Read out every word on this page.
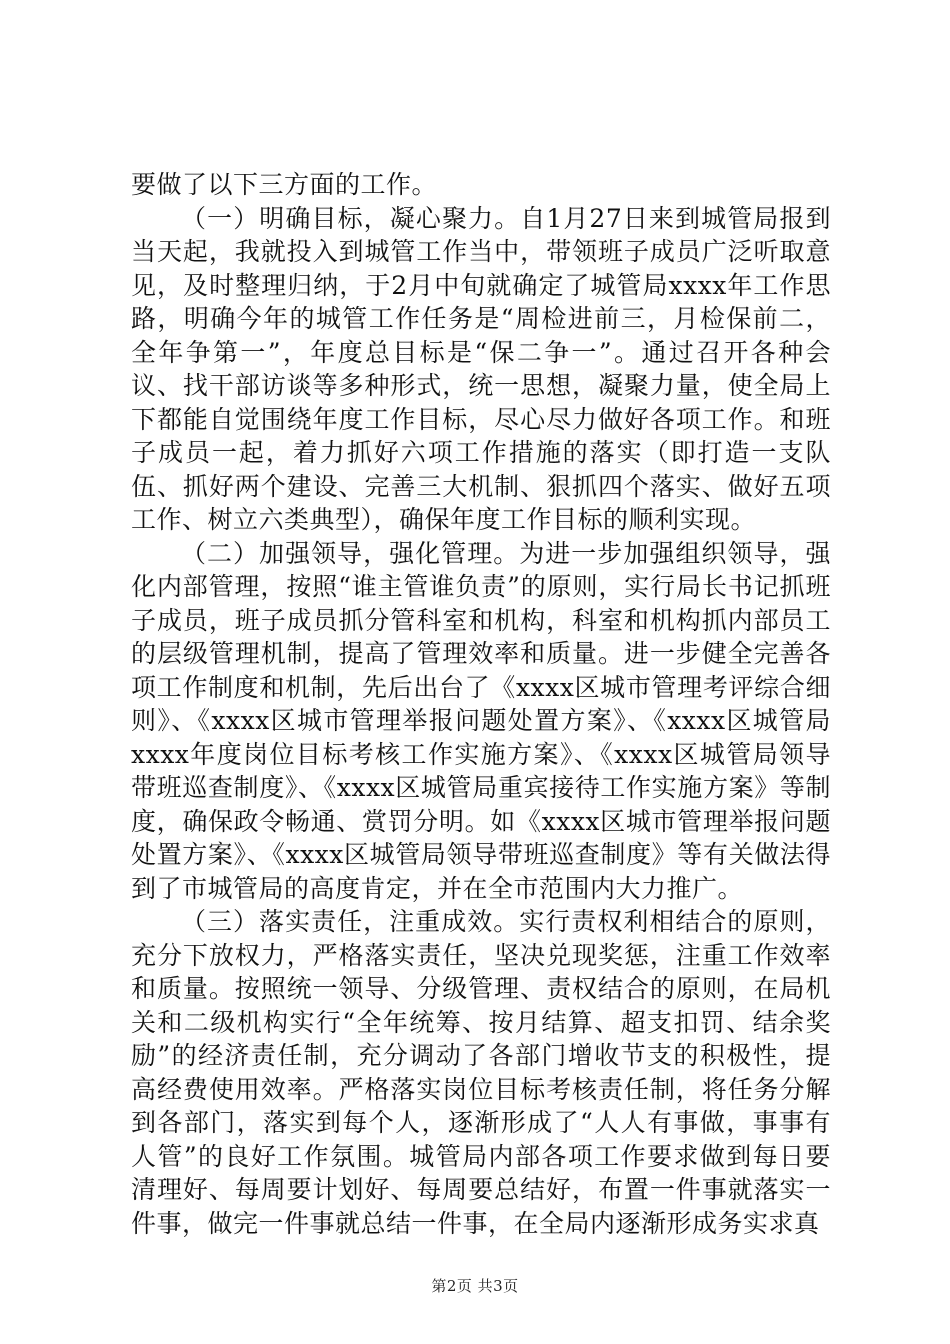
要做了以下三方面的工作。

（一）明确目标，凝心聚力。自1月27日来到城管局报到当天起，我就投入到城管工作当中，带领班子成员广泛听取意见，及时整理归纳，于2月中旬就确定了城管局xxxx年工作思路，明确今年的城管工作任务是“周检进前三，月检保前二，全年争第一”，年度总目标是“保二争一”。通过召开各种会议、找干部访谈等多种形式，统一思想，凝聚力量，使全局上下都能自觉围绕年度工作目标，尽心尽力做好各项工作。和班子成员一起，着力抓好六项工作措施的落实（即打造一支队伍、抓好两个建设、完善三大机制、狠抓四个落实、做好五项工作、树立六类典型），确保年度工作目标的顺利实现。

（二）加强领导，强化管理。为进一步加强组织领导，强化内部管理，按照“谁主管谁负责”的原则，实行局长书记抓班子成员，班子成员抓分管科室和机构，科室和机构抓内部员工的层级管理机制，提高了管理效率和质量。进一步健全完善各项工作制度和机制，先后出台了《xxxx区城市管理考评综合细则》、《xxxx区城市管理举报问题处置方案》、《xxxx区城管局xxxx年度岗位目标考核工作实施方案》、《xxxx区城管局领导带班巡查制度》、《xxxx区城管局重宾接待工作实施方案》等制度，确保政令畅通、赏罚分明。如《xxxx区城市管理举报问题处置方案》、《xxxx区城管局领导带班巡查制度》等有关做法得到了市城管局的高度肯定，并在全市范围内大力推广。

（三）落实责任，注重成效。实行责权利相结合的原则，充分下放权力，严格落实责任，坚决兑现奖惩，注重工作效率和质量。按照统一领导、分级管理、责权结合的原则，在局机关和二级机构实行“全年统筹、按月结算、超支扣罚、结余奖励”的经济责任制，充分调动了各部门增收节支的积极性，提高经费使用效率。严格落实岗位目标考核责任制，将任务分解到各部门，落实到每个人，逐渐形成了“人人有事做，事事有人管”的良好工作氛围。城管局内部各项工作要求做到每日要清理好、每周要计划好、每周要总结好，布置一件事就落实一件事，做完一件事就总结一件事，在全局内逐渐形成务实求真

第2页 共3页
